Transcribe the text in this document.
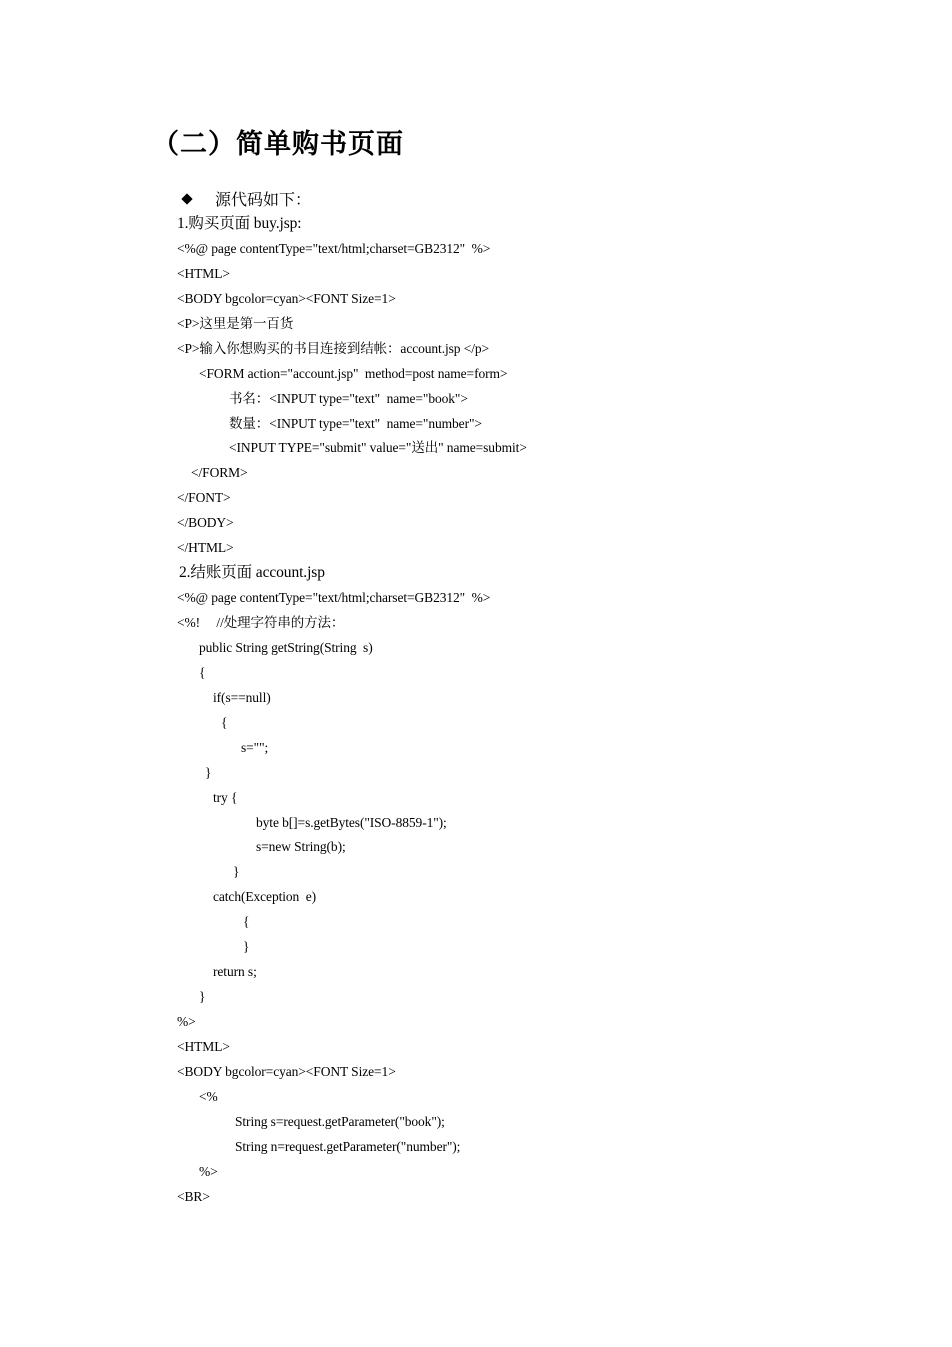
（二）简单购书页面
源代码如下：
1.购买页面 buy.jsp:
<%@ page contentType="text/html;charset=GB2312"  %>
<HTML>
<BODY bgcolor=cyan><FONT Size=1>
<P>这里是第一百货
<P>输入你想购买的书目连接到结帐：account.jsp </p>
<FORM action="account.jsp"  method=post name=form>
书名：<INPUT type="text"  name="book">
数量：<INPUT type="text"  name="number">
<INPUT TYPE="submit" value="送出" name=submit>
</FORM>
</FONT>
</BODY>
</HTML>
2.结账页面 account.jsp
<%@ page contentType="text/html;charset=GB2312"  %>
<%!     //处理字符串的方法：
public String getString(String  s)
{
if(s==null)
{
s="";
}
try {
byte b[]=s.getBytes("ISO-8859-1");
s=new String(b);
}
catch(Exception  e)
{
}
return s;
}
%>
<HTML>
<BODY bgcolor=cyan><FONT Size=1>
<%
String s=request.getParameter("book");
String n=request.getParameter("number");
%>
<BR>
